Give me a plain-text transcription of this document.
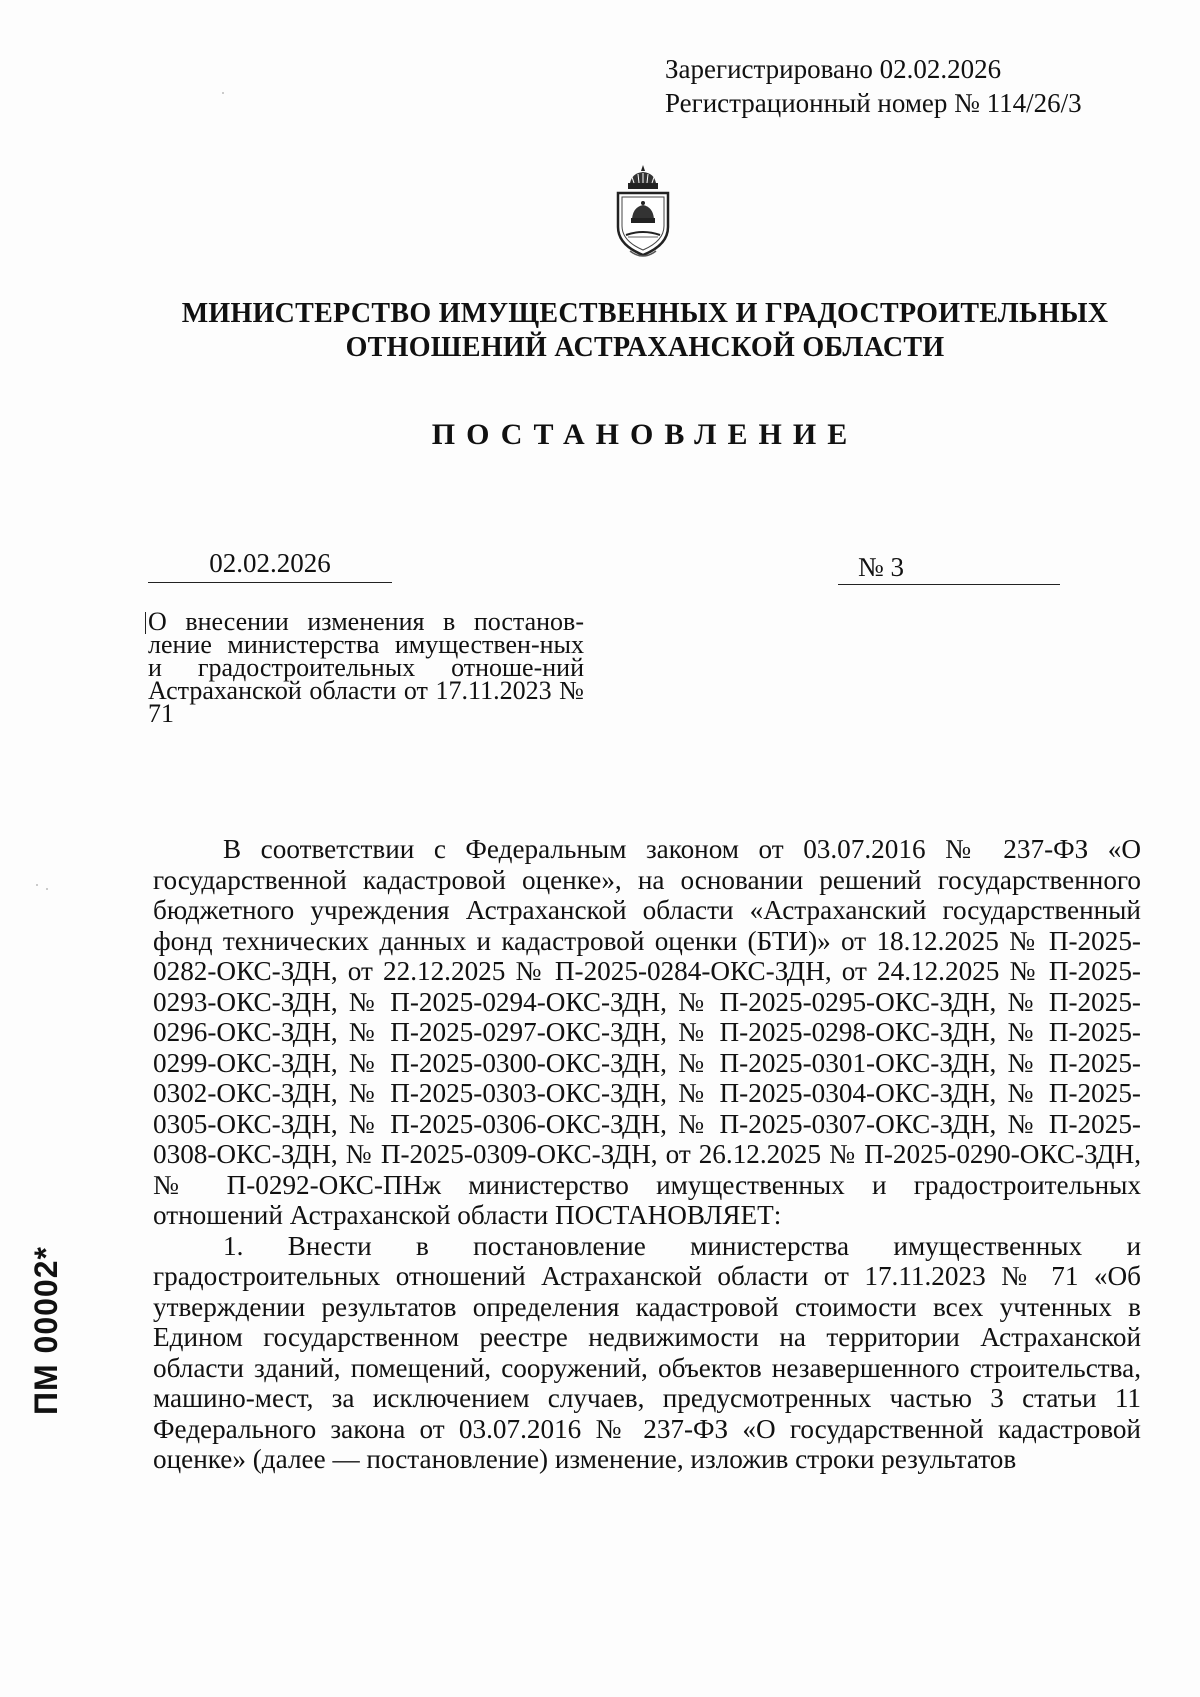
Зарегистрировано 02.02.2026
Регистрационный номер № 114/26/3
МИНИСТЕРСТВО ИМУЩЕСТВЕННЫХ И ГРАДОСТРОИТЕЛЬНЫХ
ОТНОШЕНИЙ АСТРАХАНСКОЙ ОБЛАСТИ
ПОСТАНОВЛЕНИЕ
02.02.2026	№ 3
О внесении изменения в постанов-ление министерства имуществен-ных и градостроительных отноше-ний Астраханской области от 17.11.2023 № 71

В соответствии с Федеральным законом от 03.07.2016 № 237-ФЗ «О государственной кадастровой оценке», на основании решений государственного бюджетного учреждения Астраханской области «Астраханский государственный фонд технических данных и кадастровой оценки (БТИ)» от 18.12.2025 № П-2025-0282-ОКС-ЗДН, от 22.12.2025 № П-2025-0284-ОКС-ЗДН, от 24.12.2025 № П-2025-0293-ОКС-ЗДН, № П-2025-0294-ОКС-ЗДН, № П-2025-0295-ОКС-ЗДН, № П-2025-0296-ОКС-ЗДН, № П-2025-0297-ОКС-ЗДН, № П-2025-0298-ОКС-ЗДН, № П-2025-0299-ОКС-ЗДН, № П-2025-0300-ОКС-ЗДН, № П-2025-0301-ОКС-ЗДН, № П-2025-0302-ОКС-ЗДН, № П-2025-0303-ОКС-ЗДН, № П-2025-0304-ОКС-ЗДН, № П-2025-0305-ОКС-ЗДН, № П-2025-0306-ОКС-ЗДН, № П-2025-0307-ОКС-ЗДН, № П-2025-0308-ОКС-ЗДН, № П-2025-0309-ОКС-ЗДН, от 26.12.2025 № П-2025-0290-ОКС-ЗДН, № П-0292-ОКС-ПНж министерство имущественных и градостроительных отношений Астраханской области ПОСТАНОВЛЯЕТ:

1. Внести в постановление министерства имущественных и градостроительных отношений Астраханской области от 17.11.2023 № 71 «Об утверждении результатов определения кадастровой стоимости всех учтенных в Едином государственном реестре недвижимости на территории Астраханской области зданий, помещений, сооружений, объектов незавершенного строительства, машино-мест, за исключением случаев, предусмотренных частью 3 статьи 11 Федерального закона от 03.07.2016 № 237-ФЗ «О государственной кадастровой оценке» (далее — постановление) изменение, изложив строки результатов

ПМ 00002*
